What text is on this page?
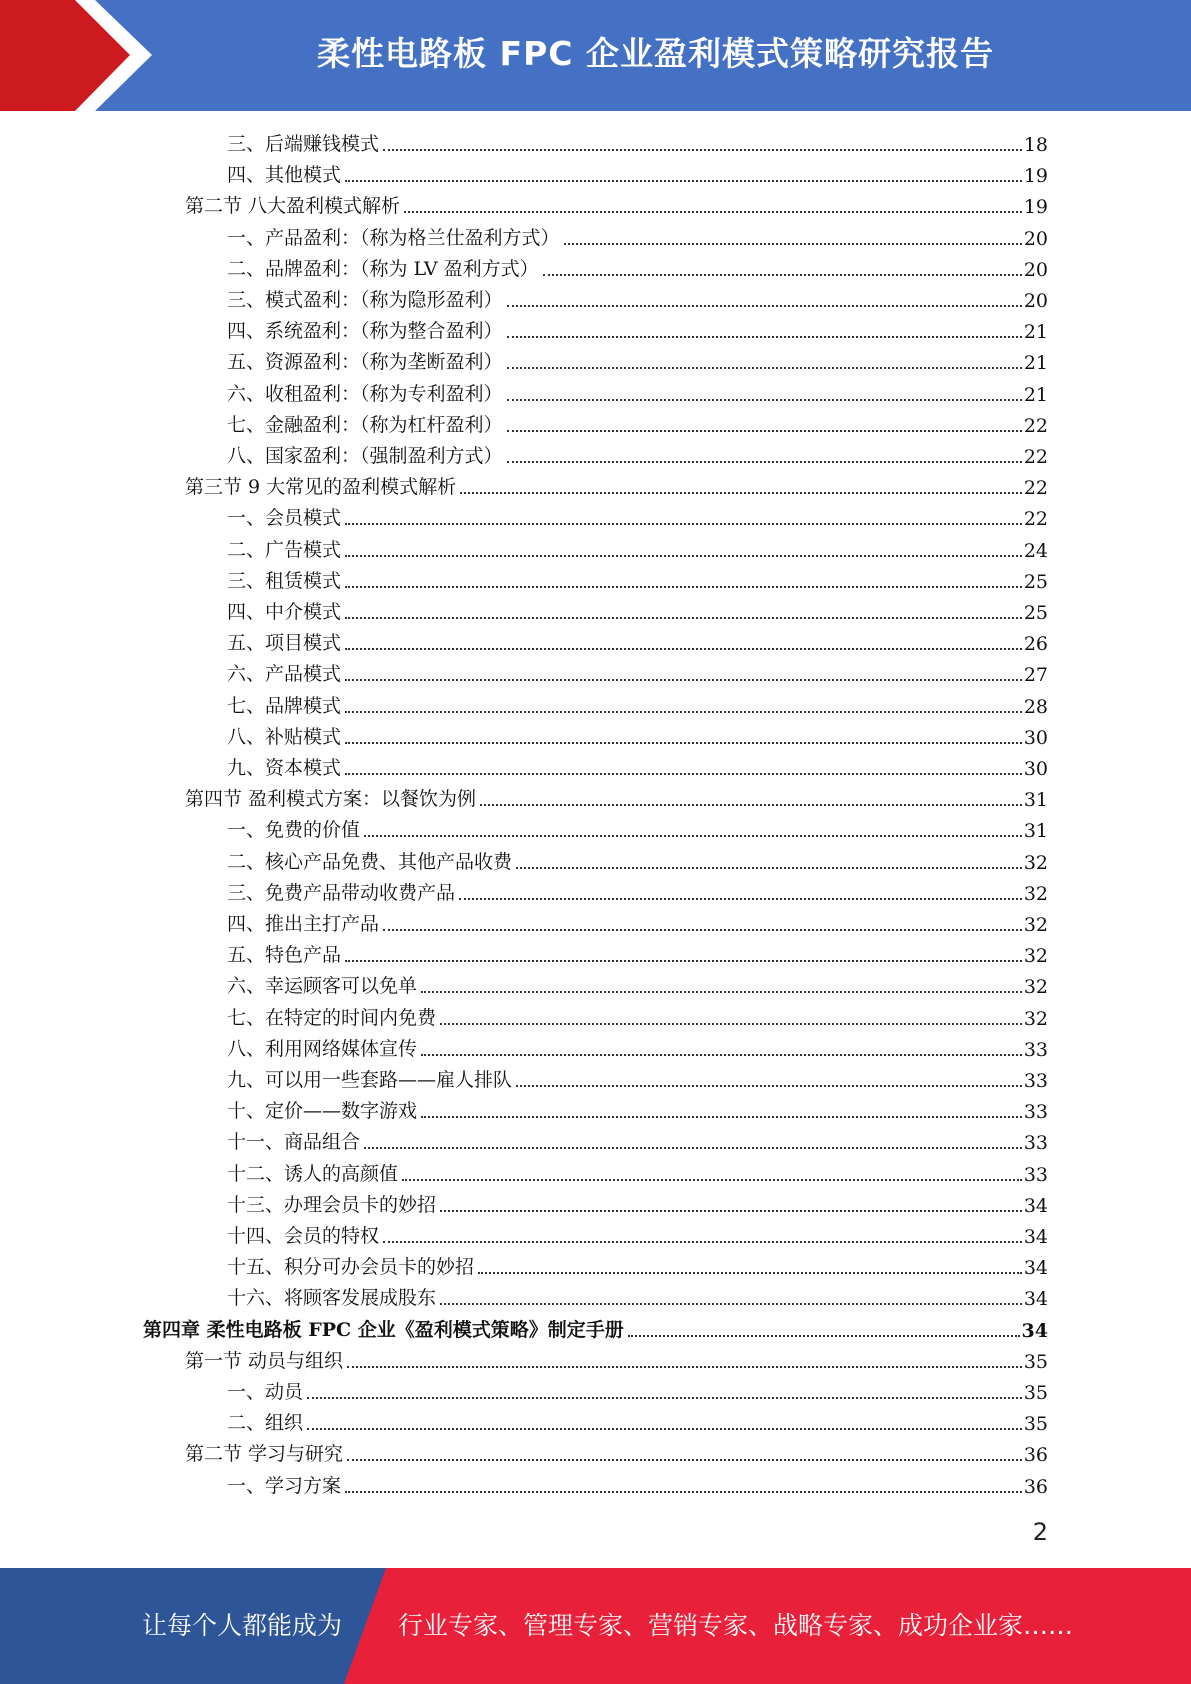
柔性电路板 FPC 企业盈利模式策略研究报告
三、后端赚钱模式	18
四、其他模式	19
第二节 八大盈利模式解析	19
一、产品盈利：（称为格兰仕盈利方式）	20
二、品牌盈利：（称为 LV 盈利方式）	20
三、模式盈利：（称为隐形盈利）	20
四、系统盈利：（称为整合盈利）	21
五、资源盈利：（称为垄断盈利）	21
六、收租盈利：（称为专利盈利）	21
七、金融盈利：（称为杠杆盈利）	22
八、国家盈利：（强制盈利方式）	22
第三节 9 大常见的盈利模式解析	22
一、会员模式	22
二、广告模式	24
三、租赁模式	25
四、中介模式	25
五、项目模式	26
六、产品模式	27
七、品牌模式	28
八、补贴模式	30
九、资本模式	30
第四节 盈利模式方案：以餐饮为例	31
一、免费的价值	31
二、核心产品免费、其他产品收费	32
三、免费产品带动收费产品	32
四、推出主打产品	32
五、特色产品	32
六、幸运顾客可以免单	32
七、在特定的时间内免费	32
八、利用网络媒体宣传	33
九、可以用一些套路——雇人排队	33
十、定价——数字游戏	33
十一、商品组合	33
十二、诱人的高颜值	33
十三、办理会员卡的妙招	34
十四、会员的特权	34
十五、积分可办会员卡的妙招	34
十六、将顾客发展成股东	34
第四章 柔性电路板 FPC 企业《盈利模式策略》制定手册	34
第一节 动员与组织	35
一、动员	35
二、组织	35
第二节 学习与研究	36
一、学习方案	36
2
让每个人都能成为 行业专家、管理专家、营销专家、战略专家、成功企业家……
